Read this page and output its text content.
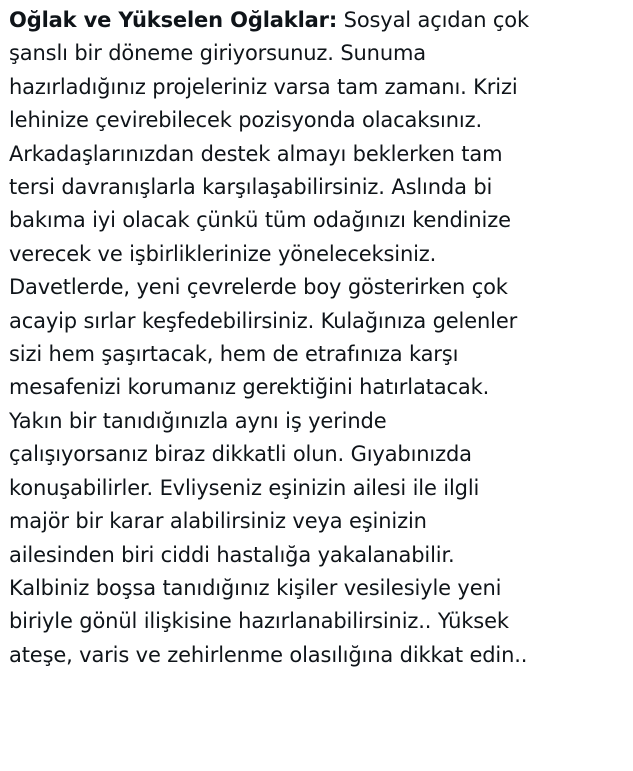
Oğlak ve Yükselen Oğlaklar: Sosyal açıdan çok
şanslı bir döneme giriyorsunuz. Sunuma
hazırladığınız projeleriniz varsa tam zamanı. Krizi
lehinize çevirebilecek pozisyonda olacaksınız.
Arkadaşlarınızdan destek almayı beklerken tam
tersi davranışlarla karşılaşabilirsiniz. Aslında bi
bakıma iyi olacak çünkü tüm odağınızı kendinize
verecek ve işbirliklerinize yöneleceksiniz.
Davetlerde, yeni çevrelerde boy gösterirken çok
acayip sırlar keşfedebilirsiniz. Kulağınıza gelenler
sizi hem şaşırtacak, hem de etrafınıza karşı
mesafenizi korumanız gerektiğini hatırlatacak.
Yakın bir tanıdığınızla aynı iş yerinde
çalışıyorsanız biraz dikkatli olun. Gıyabınızda
konuşabilirler. Evliyseniz eşinizin ailesi ile ilgli
majör bir karar alabilirsiniz veya eşinizin
ailesinden biri ciddi hastalığa yakalanabilir.
Kalbiniz boşsa tanıdığınız kişiler vesilesiyle yeni
biriyle gönül ilişkisine hazırlanabilirsiniz.. Yüksek
ateşe, varis ve zehirlenme olasılığına dikkat edin..
